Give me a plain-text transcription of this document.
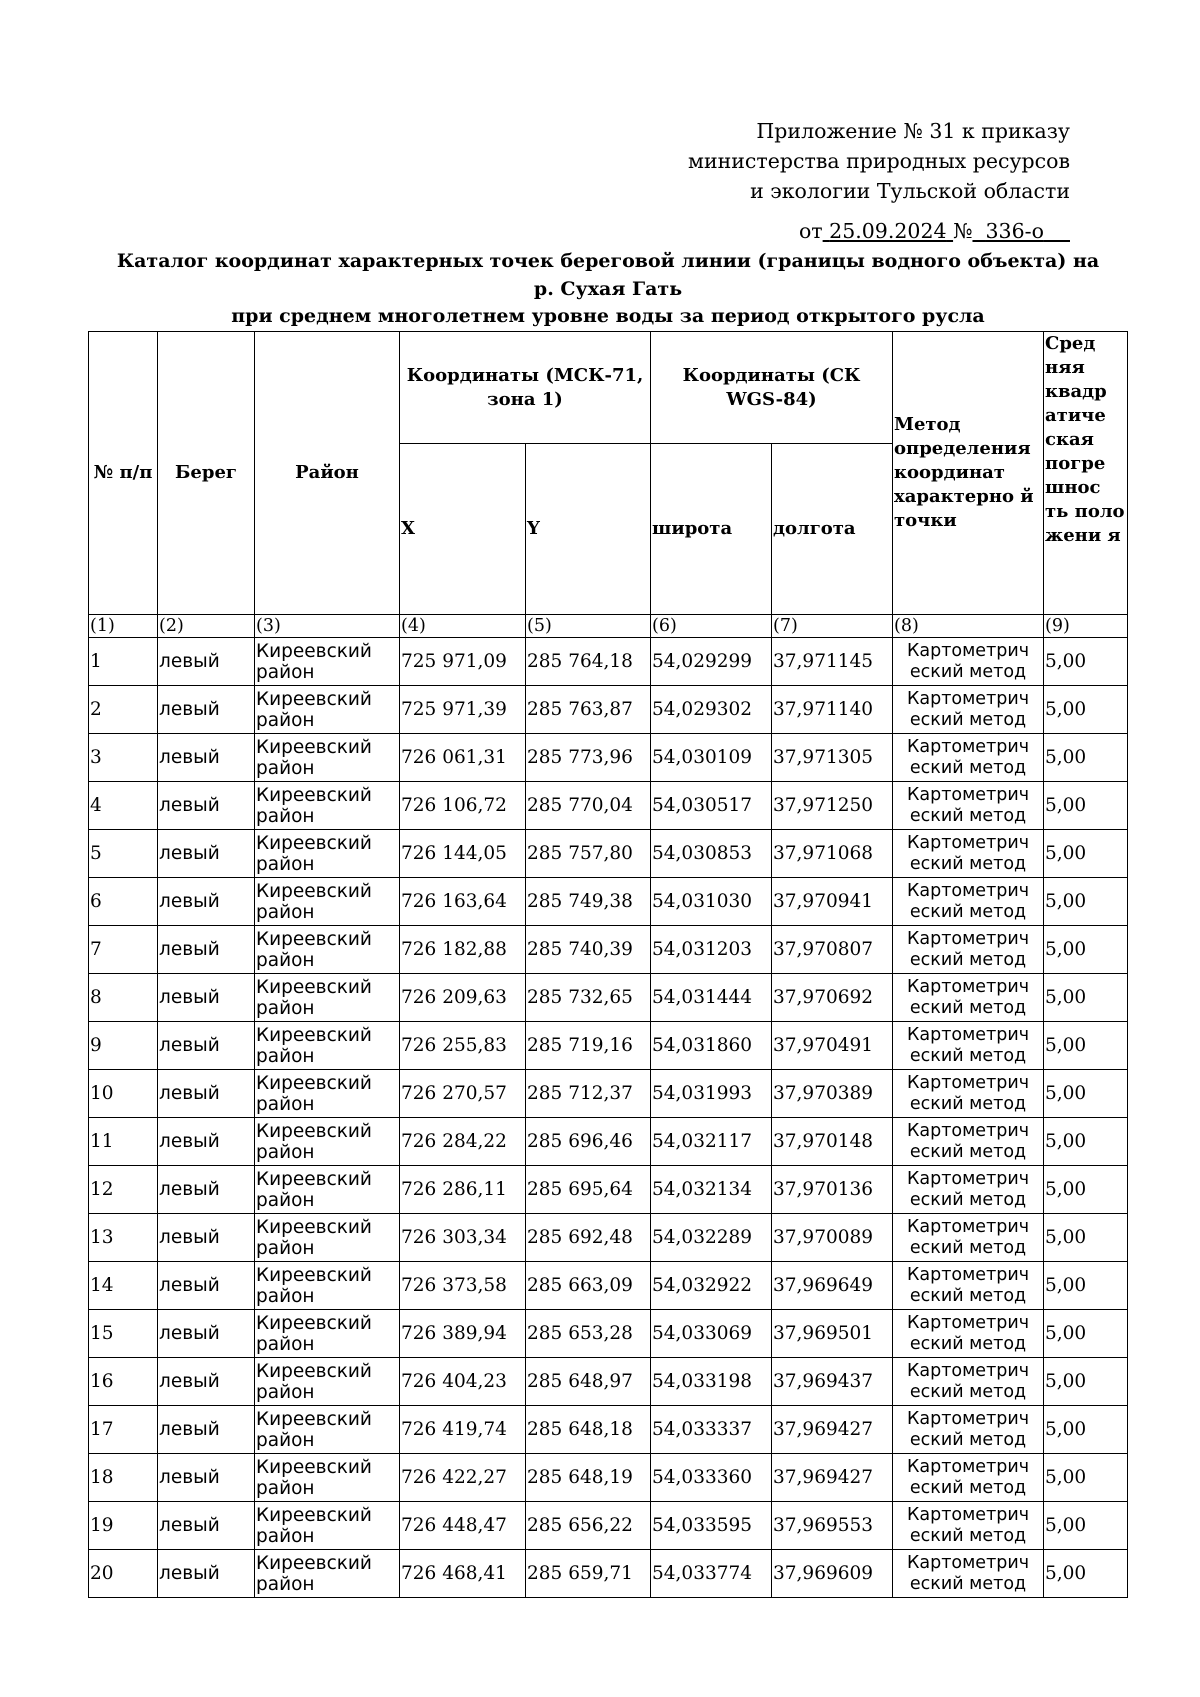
Приложение № 31 к приказу
министерства природных ресурсов
и экологии Тульской области
от 25.09.2024 № 336-о
Каталог координат характерных точек береговой линии (границы водного объекта) на
р. Сухая Гать
при среднем многолетнем уровне воды за период открытого русла
№ п/п	Берег	Район	Координаты (МСК-71, зона 1)		Координаты (СК WGS-84)		Метод определения координат характерно й точки	Сред няя квадр атиче ская погре шнос ть поло жени я
			X	Y	широта	долгота		
(1)	(2)	(3)	(4)	(5)	(6)	(7)	(8)	(9)
1	левый	Киреевский район	725 971,09	285 764,18	54,029299	37,971145	Картометрич еский метод	5,00
2	левый	Киреевский район	725 971,39	285 763,87	54,029302	37,971140	Картометрич еский метод	5,00
3	левый	Киреевский район	726 061,31	285 773,96	54,030109	37,971305	Картометрич еский метод	5,00
4	левый	Киреевский район	726 106,72	285 770,04	54,030517	37,971250	Картометрич еский метод	5,00
5	левый	Киреевский район	726 144,05	285 757,80	54,030853	37,971068	Картометрич еский метод	5,00
6	левый	Киреевский район	726 163,64	285 749,38	54,031030	37,970941	Картометрич еский метод	5,00
7	левый	Киреевский район	726 182,88	285 740,39	54,031203	37,970807	Картометрич еский метод	5,00
8	левый	Киреевский район	726 209,63	285 732,65	54,031444	37,970692	Картометрич еский метод	5,00
9	левый	Киреевский район	726 255,83	285 719,16	54,031860	37,970491	Картометрич еский метод	5,00
10	левый	Киреевский район	726 270,57	285 712,37	54,031993	37,970389	Картометрич еский метод	5,00
11	левый	Киреевский район	726 284,22	285 696,46	54,032117	37,970148	Картометрич еский метод	5,00
12	левый	Киреевский район	726 286,11	285 695,64	54,032134	37,970136	Картометрич еский метод	5,00
13	левый	Киреевский район	726 303,34	285 692,48	54,032289	37,970089	Картометрич еский метод	5,00
14	левый	Киреевский район	726 373,58	285 663,09	54,032922	37,969649	Картометрич еский метод	5,00
15	левый	Киреевский район	726 389,94	285 653,28	54,033069	37,969501	Картометрич еский метод	5,00
16	левый	Киреевский район	726 404,23	285 648,97	54,033198	37,969437	Картометрич еский метод	5,00
17	левый	Киреевский район	726 419,74	285 648,18	54,033337	37,969427	Картометрич еский метод	5,00
18	левый	Киреевский район	726 422,27	285 648,19	54,033360	37,969427	Картометрич еский метод	5,00
19	левый	Киреевский район	726 448,47	285 656,22	54,033595	37,969553	Картометрич еский метод	5,00
20	левый	Киреевский район	726 468,41	285 659,71	54,033774	37,969609	Картометрич еский метод	5,00
